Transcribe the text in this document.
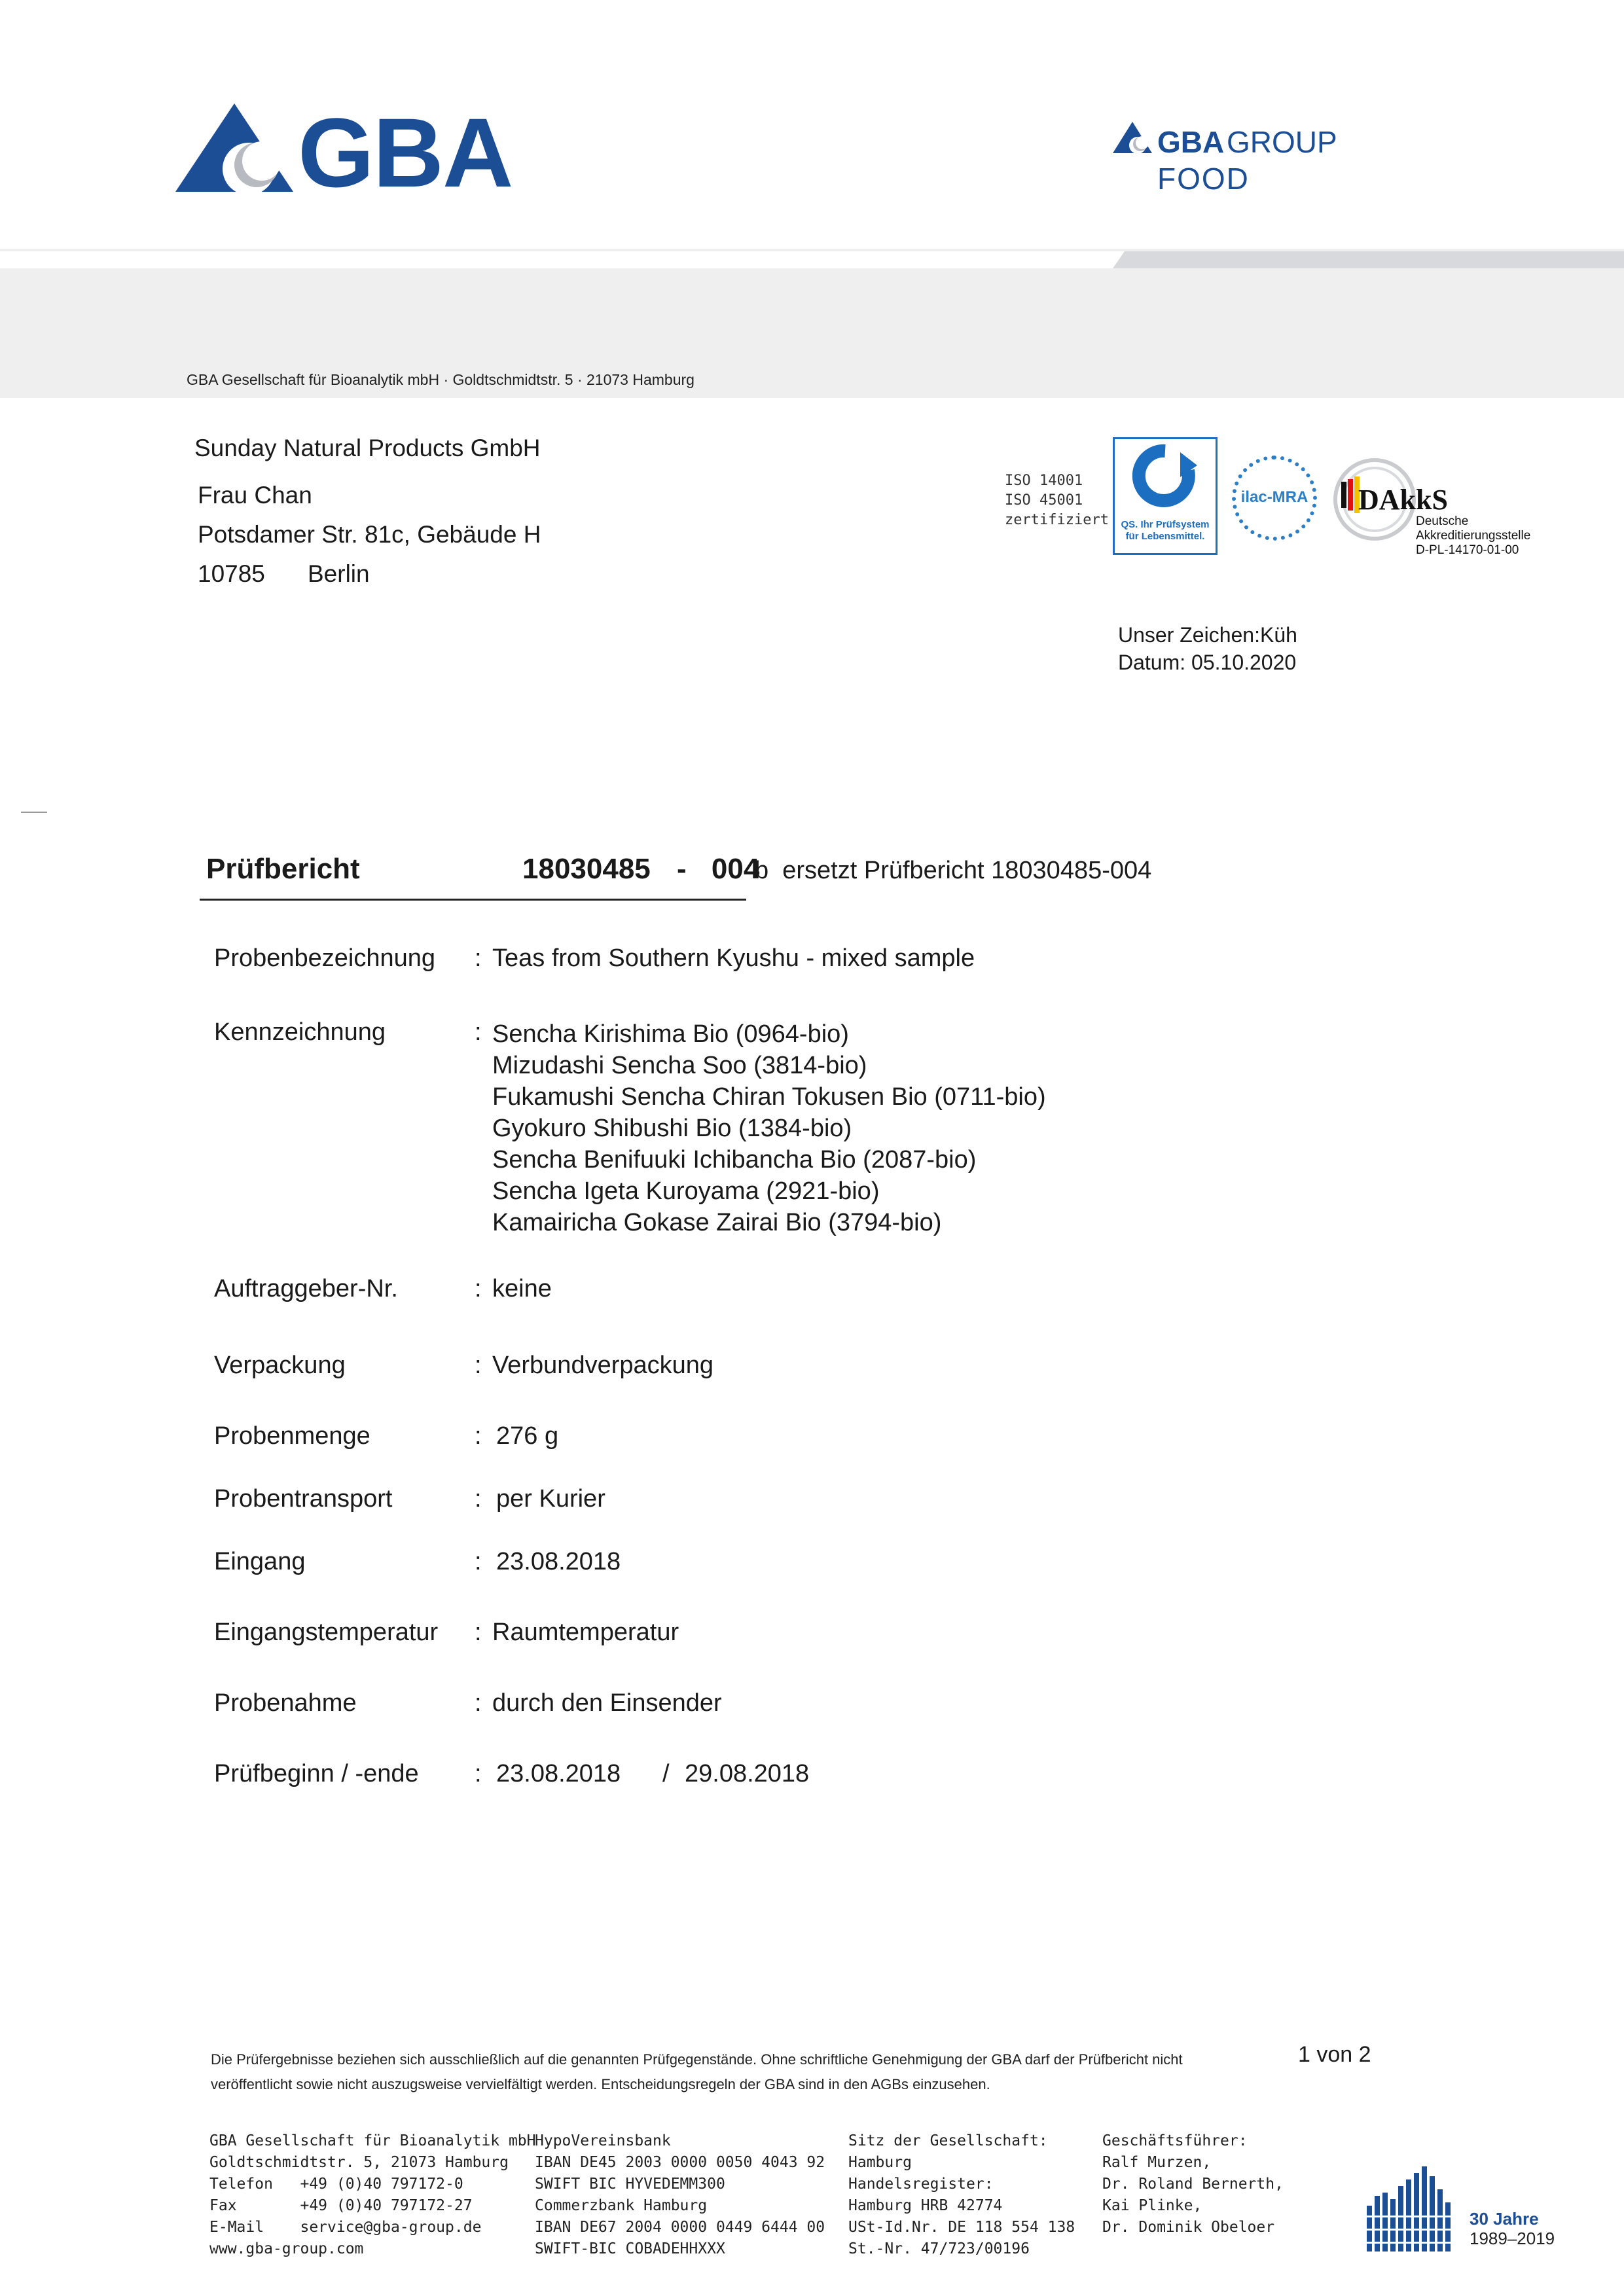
GBA	GBA GROUP
FOOD
GBA Gesellschaft für Bioanalytik mbH · Goldtschmidtstr. 5 · 21073 Hamburg
Sunday Natural Products GmbH
Frau Chan
Potsdamer Str. 81c, Gebäude H
10785 Berlin
ISO 14001
ISO 45001
zertifiziert	QS. Ihr Prüfsystem
für Lebensmittel.
ilac-MRA DAkkS
Deutsche
Akkreditierungsstelle
D-PL-14170-01-00
Unser Zeichen:Küh
Datum: 05.10.2020
Prüfbericht	18030485 - 004
b  ersetzt Prüfbericht 18030485-004
Probenbezeichnung : Teas from Southern Kyushu - mixed sample
Kennzeichnung	: Sencha Kirishima Bio (0964-bio)
Mizudashi Sencha Soo (3814-bio)
Fukamushi Sencha Chiran Tokusen Bio (0711-bio)
Gyokuro Shibushi Bio (1384-bio)
Sencha Benifuuki Ichibancha Bio (2087-bio)
Sencha Igeta Kuroyama (2921-bio)
Kamairicha Gokase Zairai Bio (3794-bio)
Auftraggeber-Nr.	: keine
Verpackung	: Verbundverpackung
Probenmenge	: 276 g
Probentransport	: per Kurier
Eingang	: 23.08.2018
Eingangstemperatur : Raumtemperatur
Probenahme	: durch den Einsender
Prüfbeginn / -ende : 23.08.2018 / 29.08.2018
Die Prüfergebnisse beziehen sich ausschließlich auf die genannten Prüfgegenstände. Ohne schriftliche Genehmigung der GBA darf der Prüfbericht nicht
veröffentlicht sowie nicht auszugsweise vervielfältigt werden. Entscheidungsregeln der GBA sind in den AGBs einzusehen.
1 von 2
GBA Gesellschaft für Bioanalytik mbH
Goldtschmidtstr. 5, 21073 Hamburg
Telefon   +49 (0)40 797172-0
Fax       +49 (0)40 797172-27
E-Mail    service@gba-group.de
www.gba-group.com
HypoVereinsbank
IBAN DE45 2003 0000 0050 4043 92
SWIFT BIC HYVEDEMM300
Commerzbank Hamburg
IBAN DE67 2004 0000 0449 6444 00
SWIFT-BIC COBADEHHXXX
Sitz der Gesellschaft:
Hamburg
Handelsregister:
Hamburg HRB 42774
USt-Id.Nr. DE 118 554 138
St.-Nr. 47/723/00196
Geschäftsführer:
Ralf Murzen,
Dr. Roland Bernerth,
Kai Plinke,
Dr. Dominik Obeloer	30 Jahre
1989–2019
